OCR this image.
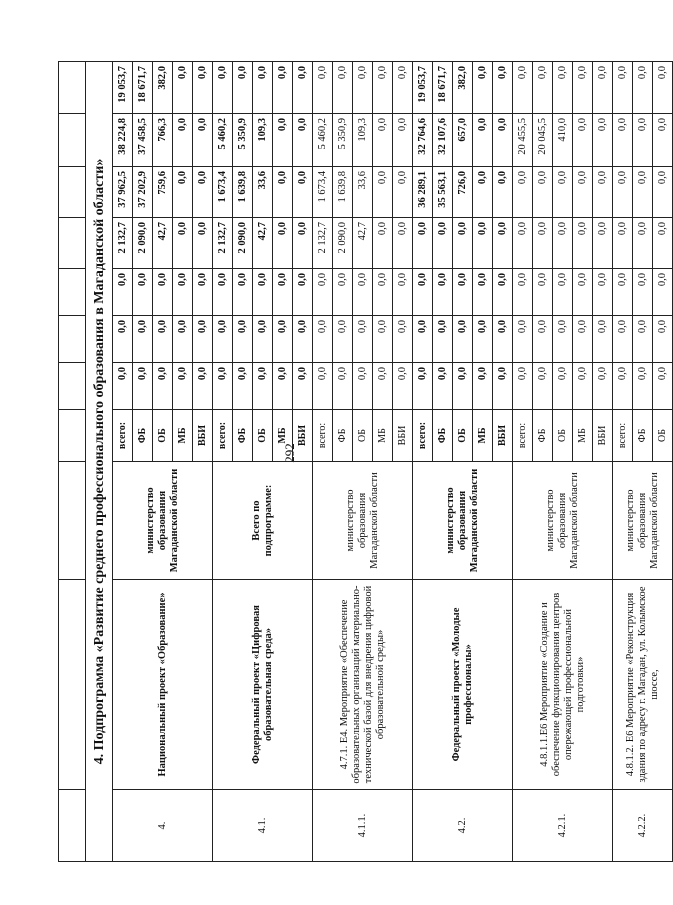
292

4. Подпрограмма «Развитие среднего профессионального образования в Магаданской области»										
4.	Национальный проект «Образование»	министерство образования Магаданской области	всего:	0,0	0,0	0,0	2 132,7	37 962,5	38 224,8	19 053,7
			ФБ	0,0	0,0	0,0	2 090,0	37 202,9	37 458,5	18 671,7
			ОБ	0,0	0,0	0,0	42,7	759,6	766,3	382,0
			МБ	0,0	0,0	0,0	0,0	0,0	0,0	0,0
			ВБИ	0,0	0,0	0,0	0,0	0,0	0,0	0,0
4.1.	Федеральный проект «Цифровая образовательная среда»	Всего по подпрограмме:	всего:	0,0	0,0	0,0	2 132,7	1 673,4	5 460,2	0,0
			ФБ	0,0	0,0	0,0	2 090,0	1 639,8	5 350,9	0,0
			ОБ	0,0	0,0	0,0	42,7	33,6	109,3	0,0
			МБ	0,0	0,0	0,0	0,0	0,0	0,0	0,0
			ВБИ	0,0	0,0	0,0	0,0	0,0	0,0	0,0
4.1.1.	4.7.1. Е4. Мероприятие «Обеспечение образовательных организаций материально-технической базой для внедрения цифровой образовательной среды»	министерство образования Магаданской области	всего:	0,0	0,0	0,0	2 132,7	1 673,4	5 460,2	0,0
			ФБ	0,0	0,0	0,0	2 090,0	1 639,8	5 350,9	0,0
			ОБ	0,0	0,0	0,0	42,7	33,6	109,3	0,0
			МБ	0,0	0,0	0,0	0,0	0,0	0,0	0,0
			ВБИ	0,0	0,0	0,0	0,0	0,0	0,0	0,0
4.2.	Федеральный проект «Молодые профессионалы»	министерство образования Магаданской области	всего:	0,0	0,0	0,0	0,0	36 289,1	32 764,6	19 053,7
			ФБ	0,0	0,0	0,0	0,0	35 563,1	32 107,6	18 671,7
			ОБ	0,0	0,0	0,0	0,0	726,0	657,0	382,0
			МБ	0,0	0,0	0,0	0,0	0,0	0,0	0,0
			ВБИ	0,0	0,0	0,0	0,0	0,0	0,0	0,0
4.2.1.	4.8.1.1.Е6 Мероприятие «Создание и обеспечение функционирования центров опережающей профессиональной подготовки»	министерство образования Магаданской области	всего:	0,0	0,0	0,0	0,0	0,0	20 455,5	0,0
			ФБ	0,0	0,0	0,0	0,0	0,0	20 045,5	0,0
			ОБ	0,0	0,0	0,0	0,0	0,0	410,0	0,0
			МБ	0,0	0,0	0,0	0,0	0,0	0,0	0,0
			ВБИ	0,0	0,0	0,0	0,0	0,0	0,0	0,0
4.2.2.	4.8.1.2. Е6 Мероприятие «Реконструкция здания по адресу г. Магадан, ул. Колымское шоссе,	министерство образования Магаданской области	всего:	0,0	0,0	0,0	0,0	0,0	0,0	0,0
			ФБ	0,0	0,0	0,0	0,0	0,0	0,0	0,0
			ОБ	0,0	0,0	0,0	0,0	0,0	0,0	0,0
